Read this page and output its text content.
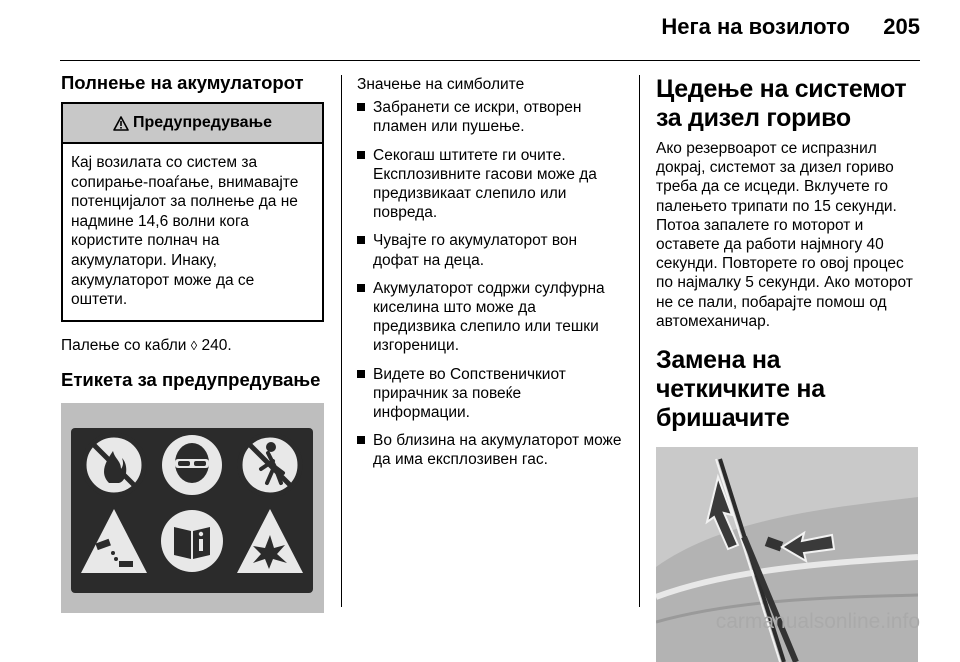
Нега на возилото 205
Полнење на акумулаторот
Предупредување
Кај возилата со систем за сопирање-поаѓање, внимавајте потенцијалот за полнење да не надмине 14,6 волни кога користите полнач на акумулатори. Инаку, акумулаторот може да се оштети.
Палење со кабли ◊ 240.
Етикета за предупредување
Значење на симболите
Забранети се искри, отворен пламен или пушење.
Секогаш штитете ги очите. Експлозивните гасови може да предизвикаат слепило или повреда.
Чувајте го акумулаторот вон дофат на деца.
Акумулаторот содржи сулфурна киселина што може да предизвика слепило или тешки изгореници.
Видете во Сопственичкиот прирачник за повеќе информации.
Во близина на акумулаторот може да има експлозивен гас.
Цедење на системот за дизел гориво
Ако резервоарот се испразнил докрај, системот за дизел гориво треба да се исцеди. Вклучете го палењето трипати по 15 секунди. Потоа запалете го моторот и оставете да работи најмногу 40 секунди. Повторете го овој процес по најмалку 5 секунди. Ако моторот не се пали, побарајте помош од автомеханичар.
Замена на четкичките на бришачите
carmanualsonline.info
